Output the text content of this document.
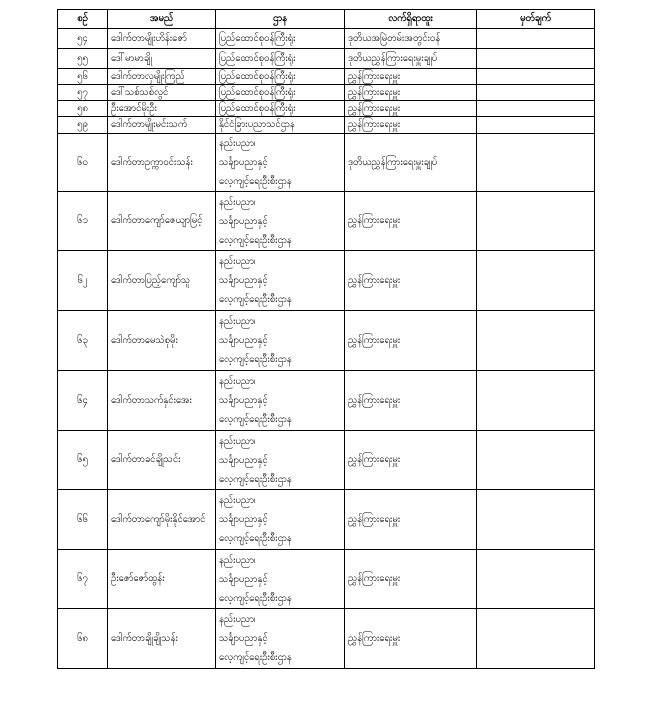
စဉ်	အမည်	ဌာန	လက်ရှိရာထူး	မှတ်ချက်
၅၄	ဒေါက်တာမျိုးဟိန်းဇော်	ပြည်ထောင်စုဝန်ကြီးရုံး	ဒုတိယအမြဲတမ်းအတွင်းဝန်	
၅၅	ဒေါ်မာမာချို	ပြည်ထောင်စုဝန်ကြီးရုံး	ဒုတိယညွှန်ကြားရေးမှူးချုပ်	
၅၆	ဒေါက်တာလှမျိုးကြည်	ပြည်ထောင်စုဝန်ကြီးရုံး	ညွှန်ကြားရေးမှူး	
၅၇	ဒေါ်သစ်သစ်လွင်	ပြည်ထောင်စုဝန်ကြီးရုံး	ညွှန်ကြားရေးမှူး	
၅၈	ဦးအောင်မိုးဦး	ပြည်ထောင်စုဝန်ကြီးရုံး	ညွှန်ကြားရေးမှူး	
၅၉	ဒေါက်တာမျိုးမင်းသက်	နိုင်ငံခြားပညာသင်ဌာန	ညွှန်ကြားရေးမှူး	
၆၀	ဒေါက်တာဥက္ကာဝင်းသန်း	နည်းပညာ၊
သင်္ချာပညာနှင့်
လေ့ကျင့်ရေးဦးစီးဌာန	ဒုတိယညွှန်ကြားရေးမှူးချုပ်	
၆၁	ဒေါက်တာကျော်ဇေယျာမြင့်	နည်းပညာ၊
သင်္ချာပညာနှင့်
လေ့ကျင့်ရေးဦးစီးဌာန	ညွှန်ကြားရေးမှူး	
၆၂	ဒေါက်တာပြည့်ကျော်သူ	နည်းပညာ၊
သင်္ချာပညာနှင့်
လေ့ကျင့်ရေးဦးစီးဌာန	ညွှန်ကြားရေးမှူး	
၆၃	ဒေါက်တာမေသဲစုမိုး	နည်းပညာ၊
သင်္ချာပညာနှင့်
လေ့ကျင့်ရေးဦးစီးဌာန	ညွှန်ကြားရေးမှူး	
၆၄	ဒေါက်တာသက်နှင်းအေး	နည်းပညာ၊
သင်္ချာပညာနှင့်
လေ့ကျင့်ရေးဦးစီးဌာန	ညွှန်ကြားရေးမှူး	
၆၅	ဒေါက်တာခင်ချိုသင်း	နည်းပညာ၊
သင်္ချာပညာနှင့်
လေ့ကျင့်ရေးဦးစီးဌာန	ညွှန်ကြားရေးမှူး	
၆၆	ဒေါက်တာကျော်မိုးနိုင်အောင်	နည်းပညာ၊
သင်္ချာပညာနှင့်
လေ့ကျင့်ရေးဦးစီးဌာန	ညွှန်ကြားရေးမှူး	
၆၇	ဦးဇော်ဇော်ထွန်း	နည်းပညာ၊
သင်္ချာပညာနှင့်
လေ့ကျင့်ရေးဦးစီးဌာန	ညွှန်ကြားရေးမှူး	
၆၈	ဒေါက်တာချိုချိုသန်း	နည်းပညာ၊
သင်္ချာပညာနှင့်
လေ့ကျင့်ရေးဦးစီးဌာန	ညွှန်ကြားရေးမှူး	
